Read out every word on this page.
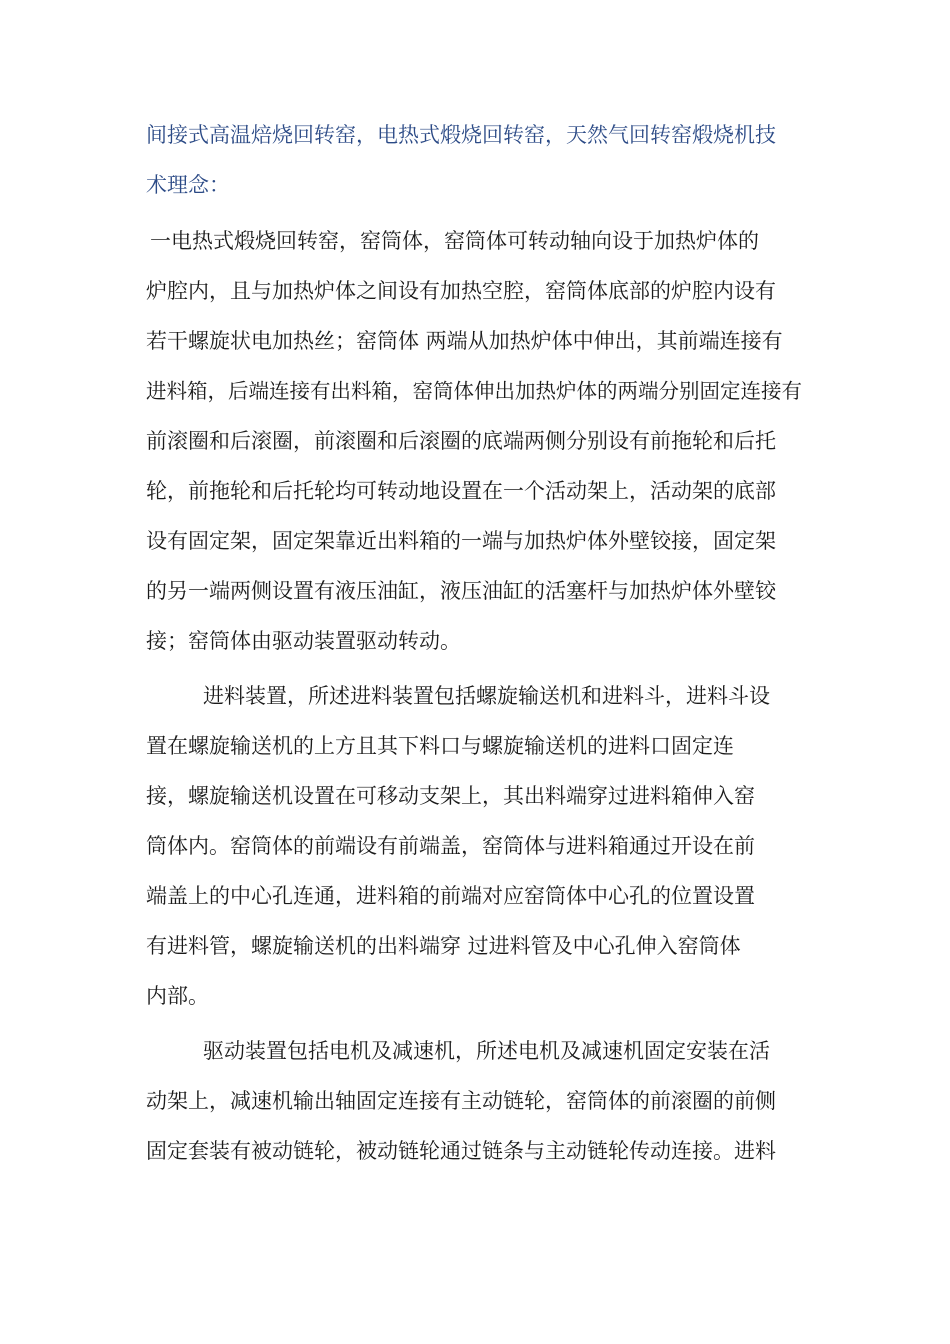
间接式高温焙烧回转窑，电热式煅烧回转窑，天然气回转窑煅烧机技
术理念：
一电热式煅烧回转窑，窑筒体，窑筒体可转动轴向设于加热炉体的
炉腔内，且与加热炉体之间设有加热空腔，窑筒体底部的炉腔内设有
若干螺旋状电加热丝；窑筒体 两端从加热炉体中伸出，其前端连接有
进料箱，后端连接有出料箱，窑筒体伸出加热炉体的两端分别固定连接有
前滚圈和后滚圈，前滚圈和后滚圈的底端两侧分别设有前拖轮和后托
轮，前拖轮和后托轮均可转动地设置在一个活动架上，活动架的底部
设有固定架，固定架靠近出料箱的一端与加热炉体外壁铰接，固定架
的另一端两侧设置有液压油缸，液压油缸的活塞杆与加热炉体外壁铰
接；窑筒体由驱动装置驱动转动。
进料装置，所述进料装置包括螺旋输送机和进料斗，进料斗设
置在螺旋输送机的上方且其下料口与螺旋输送机的进料口固定连
接，螺旋输送机设置在可移动支架上，其出料端穿过进料箱伸入窑
筒体内。窑筒体的前端设有前端盖，窑筒体与进料箱通过开设在前
端盖上的中心孔连通，进料箱的前端对应窑筒体中心孔的位置设置
有进料管，螺旋输送机的出料端穿 过进料管及中心孔伸入窑筒体
内部。
驱动装置包括电机及减速机，所述电机及减速机固定安装在活
动架上，减速机输出轴固定连接有主动链轮，窑筒体的前滚圈的前侧
固定套装有被动链轮，被动链轮通过链条与主动链轮传动连接。进料
